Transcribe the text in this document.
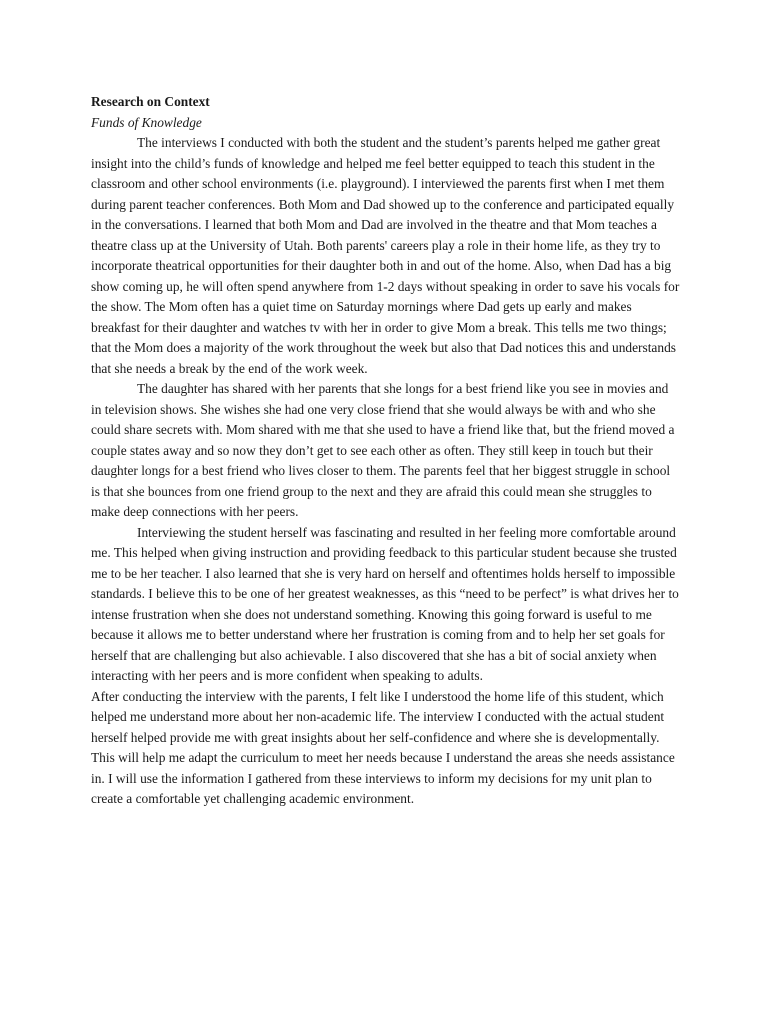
Research on Context

Funds of Knowledge

The interviews I conducted with both the student and the student’s parents helped me gather great insight into the child’s funds of knowledge and helped me feel better equipped to teach this student in the classroom and other school environments (i.e. playground). I interviewed the parents first when I met them during parent teacher conferences. Both Mom and Dad showed up to the conference and participated equally in the conversations. I learned that both Mom and Dad are involved in the theatre and that Mom teaches a theatre class up at the University of Utah. Both parents' careers play a role in their home life, as they try to incorporate theatrical opportunities for their daughter both in and out of the home. Also, when Dad has a big show coming up, he will often spend anywhere from 1-2 days without speaking in order to save his vocals for the show. The Mom often has a quiet time on Saturday mornings where Dad gets up early and makes breakfast for their daughter and watches tv with her in order to give Mom a break. This tells me two things; that the Mom does a majority of the work throughout the week but also that Dad notices this and understands that she needs a break by the end of the work week.

The daughter has shared with her parents that she longs for a best friend like you see in movies and in television shows. She wishes she had one very close friend that she would always be with and who she could share secrets with. Mom shared with me that she used to have a friend like that, but the friend moved a couple states away and so now they don’t get to see each other as often. They still keep in touch but their daughter longs for a best friend who lives closer to them. The parents feel that her biggest struggle in school is that she bounces from one friend group to the next and they are afraid this could mean she struggles to make deep connections with her peers.

Interviewing the student herself was fascinating and resulted in her feeling more comfortable around me. This helped when giving instruction and providing feedback to this particular student because she trusted me to be her teacher. I also learned that she is very hard on herself and oftentimes holds herself to impossible standards. I believe this to be one of her greatest weaknesses, as this “need to be perfect” is what drives her to intense frustration when she does not understand something. Knowing this going forward is useful to me because it allows me to better understand where her frustration is coming from and to help her set goals for herself that are challenging but also achievable. I also discovered that she has a bit of social anxiety when interacting with her peers and is more confident when speaking to adults.

After conducting the interview with the parents, I felt like I understood the home life of this student, which helped me understand more about her non-academic life. The interview I conducted with the actual student herself helped provide me with great insights about her self-confidence and where she is developmentally. This will help me adapt the curriculum to meet her needs because I understand the areas she needs assistance in. I will use the information I gathered from these interviews to inform my decisions for my unit plan to create a comfortable yet challenging academic environment.
